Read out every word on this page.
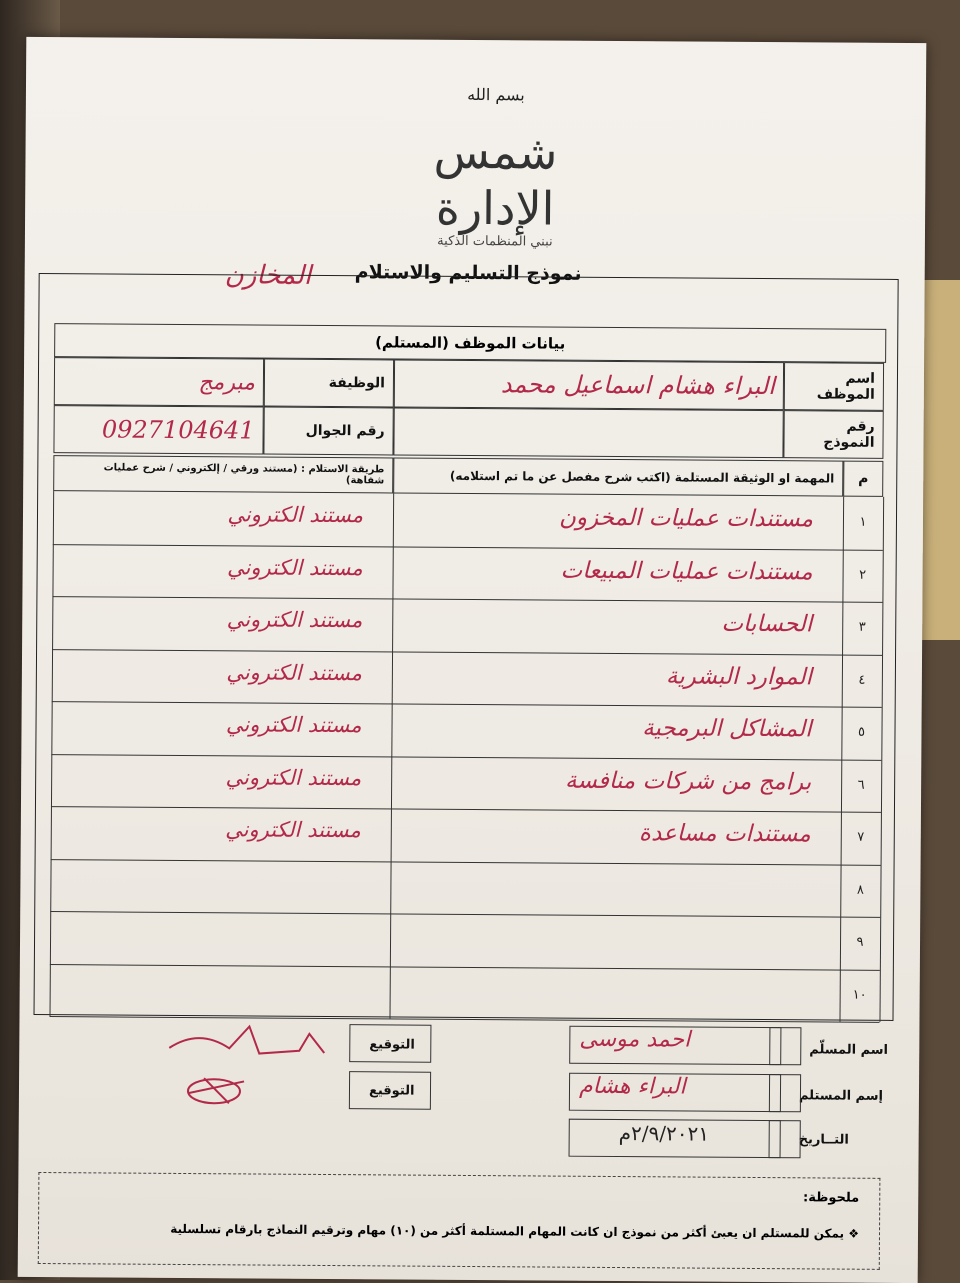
بسم الله
شمس الإدارة
نبني المنظمات الذكية
نموذج التسليم والاستلام
المخازن
بيانات الموظف (المستلم)
اسم الموظف
البراء هشام اسماعيل محمد
الوظيفة
مبرمج
رقم النموذج
رقم الجوال
0927104641
م
المهمة او الوثيقة المستلمة (اكتب شرح مفصل عن ما تم استلامه)
طريقة الاستلام : (مستند ورقي / إلكتروني / شرح عمليات شفاهة)
١
مستندات عمليات المخزون
مستند الكتروني
٢
مستندات عمليات المبيعات
مستند الكتروني
٣
الحسابات
مستند الكتروني
٤
الموارد البشرية
مستند الكتروني
٥
المشاكل البرمجية
مستند الكتروني
٦
برامج من شركات منافسة
مستند الكتروني
٧
مستندات مساعدة
مستند الكتروني
٨
٩
١٠
اسم المسلّم
احمد موسى
التوقيع
إسم المستلم
البراء هشام
التوقيع
التــاريخ
٢/٩/٢٠٢١م
ملحوظة:
❖ يمكن للمستلم ان يعبئ أكثر من نموذج ان كانت المهام المستلمة أكثر من (١٠) مهام وترقيم النماذج بارقام تسلسلية
